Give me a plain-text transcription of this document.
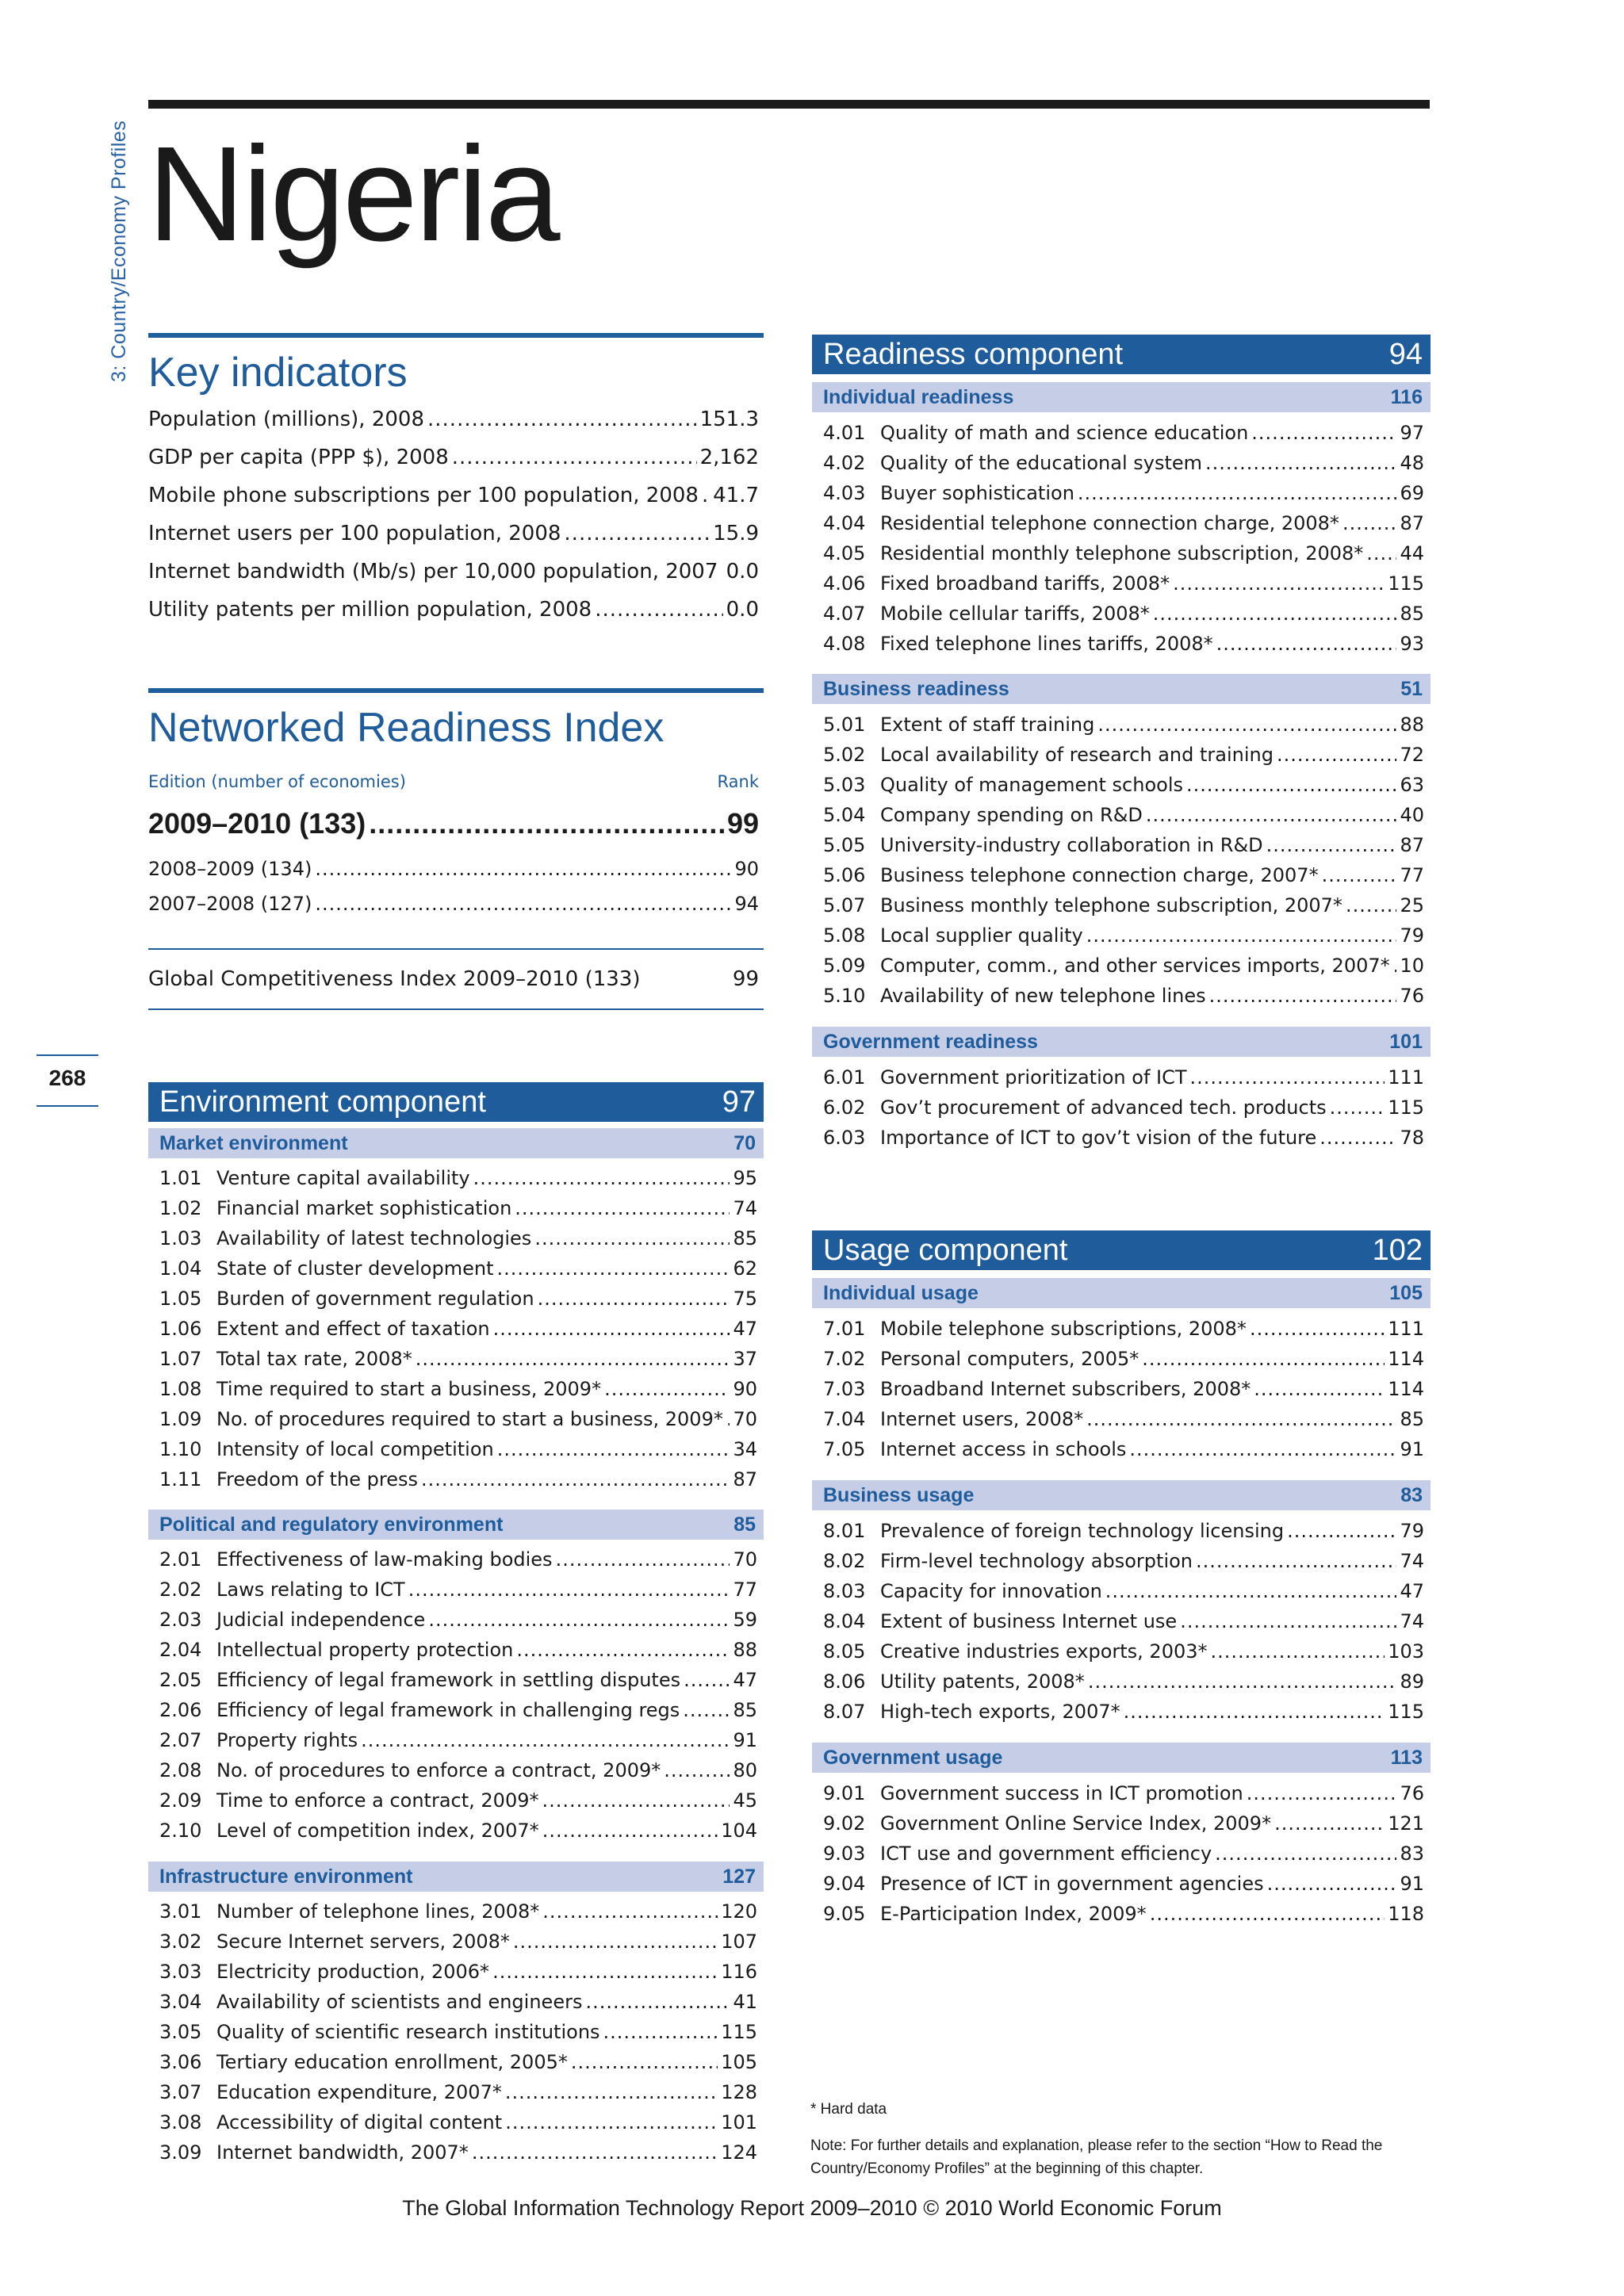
3: Country/Economy Profiles
268
Nigeria
Key indicators
Population (millions), 2008 .....	151.3
GDP per capita (PPP $), 2008 .....	2,162
Mobile phone subscriptions per 100 population, 2008 ..... 41.7
Internet users per 100 population, 2008 .....	15.9
Internet bandwidth (Mb/s) per 10,000 population, 2007 ..... 0.0
Utility patents per million population, 2008 .....	0.0
Networked Readiness Index
Edition (number of economies)	Rank
2009–2010 (133) .....	99
2008–2009 (134) .....	90
2007–2008 (127) .....	94
Global Competitiveness Index 2009–2010 (133)	99
Environment component	97
Market environment	70
1.01 Venture capital availability .....	95
1.02 Financial market sophistication .....	74
1.03 Availability of latest technologies .....	85
1.04 State of cluster development .....	62
1.05 Burden of government regulation .....	75
1.06 Extent and effect of taxation .....	47
1.07 Total tax rate, 2008* .....	37
1.08 Time required to start a business, 2009* .....	90
1.09 No. of procedures required to start a business, 2009* ..... 70
1.10 Intensity of local competition .....	34
1.11 Freedom of the press .....	87
Political and regulatory environment	85
2.01 Effectiveness of law-making bodies .....	70
2.02 Laws relating to ICT .....	77
2.03 Judicial independence .....	59
2.04 Intellectual property protection .....	88
2.05 Efficiency of legal framework in settling disputes .....	47
2.06 Efficiency of legal framework in challenging regs .....	85
2.07 Property rights .....	91
2.08 No. of procedures to enforce a contract, 2009* .....	80
2.09 Time to enforce a contract, 2009* .....	45
2.10 Level of competition index, 2007* .....	104
Infrastructure environment	127
3.01 Number of telephone lines, 2008* .....	120
3.02 Secure Internet servers, 2008* .....	107
3.03 Electricity production, 2006* .....	116
3.04 Availability of scientists and engineers .....	41
3.05 Quality of scientific research institutions .....	115
3.06 Tertiary education enrollment, 2005* .....	105
3.07 Education expenditure, 2007* .....	128
3.08 Accessibility of digital content .....	101
3.09 Internet bandwidth, 2007* .....	124
Readiness component	94
Individual readiness	116
4.01 Quality of math and science education .....	97
4.02 Quality of the educational system .....	48
4.03 Buyer sophistication .....	69
4.04 Residential telephone connection charge, 2008* .....	87
4.05 Residential monthly telephone subscription, 2008* ..... 44
4.06 Fixed broadband tariffs, 2008* .....	115
4.07 Mobile cellular tariffs, 2008* .....	85
4.08 Fixed telephone lines tariffs, 2008* .....	93
Business readiness	51
5.01 Extent of staff training .....	88
5.02 Local availability of research and training .....	72
5.03 Quality of management schools .....	63
5.04 Company spending on R&D .....	40
5.05 University-industry collaboration in R&D .....	87
5.06 Business telephone connection charge, 2007* .....	77
5.07 Business monthly telephone subscription, 2007* .....	25
5.08 Local supplier quality .....	79
5.09 Computer, comm., and other services imports, 2007* ..... 10
5.10 Availability of new telephone lines .....	76
Government readiness	101
6.01 Government prioritization of ICT .....	111
6.02 Gov’t procurement of advanced tech. products .....	115
6.03 Importance of ICT to gov’t vision of the future .....	78
Usage component	102
Individual usage	105
7.01 Mobile telephone subscriptions, 2008* .....	111
7.02 Personal computers, 2005* .....	114
7.03 Broadband Internet subscribers, 2008* .....	114
7.04 Internet users, 2008* .....	85
7.05 Internet access in schools .....	91
Business usage	83
8.01 Prevalence of foreign technology licensing .....	79
8.02 Firm-level technology absorption .....	74
8.03 Capacity for innovation .....	47
8.04 Extent of business Internet use .....	74
8.05 Creative industries exports, 2003* .....	103
8.06 Utility patents, 2008* .....	89
8.07 High-tech exports, 2007* .....	115
Government usage	113
9.01 Government success in ICT promotion .....	76
9.02 Government Online Service Index, 2009* .....	121
9.03 ICT use and government efficiency .....	83
9.04 Presence of ICT in government agencies .....	91
9.05 E-Participation Index, 2009* .....	118
* Hard data
Note: For further details and explanation, please refer to the section “How to Read the Country/Economy Profiles” at the beginning of this chapter.
The Global Information Technology Report 2009–2010 © 2010 World Economic Forum
